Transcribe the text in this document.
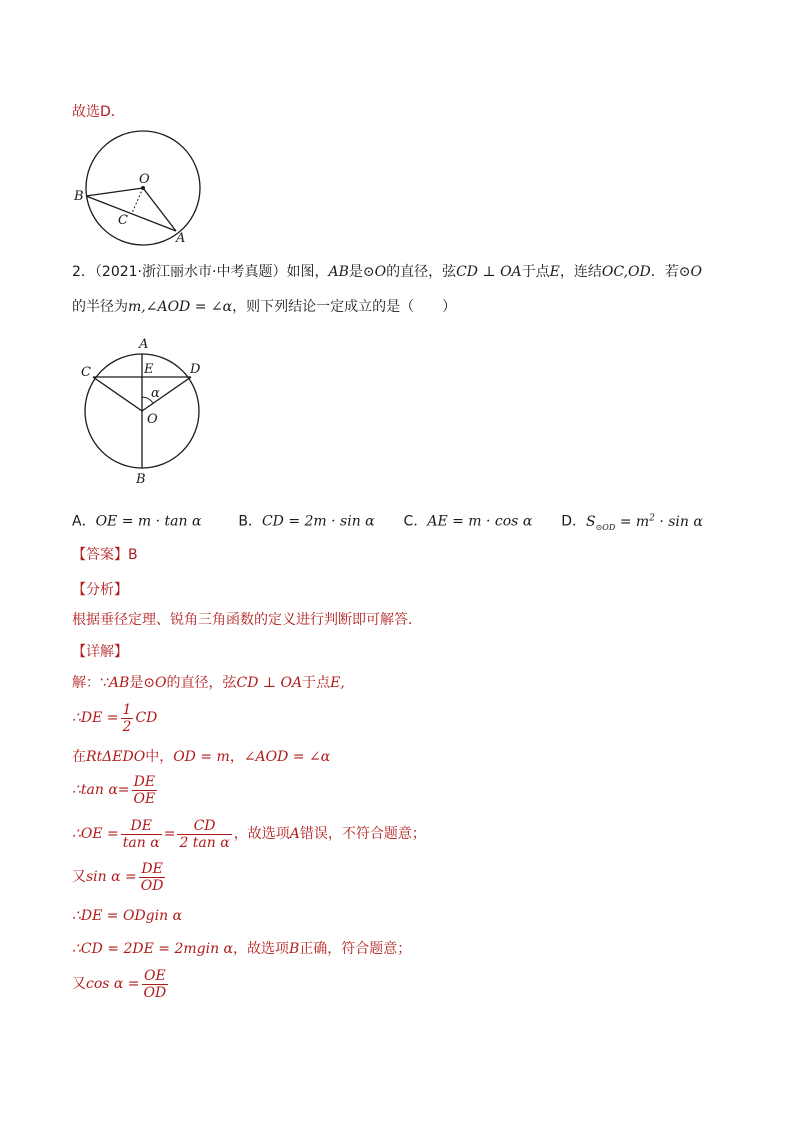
故选D．
O
B
C
A
2．（2021·浙江丽水市·中考真题）如图，AB是⊙O的直径，弦CD ⊥ OA于点E，连结OC,OD．若⊙O
的半径为m,∠AOD = ∠α，则下列结论一定成立的是（　　）
A
C	E	D
α
O
B
A．OE = m · tan α	B．CD = 2m · sin α C．AE = m · cos α D．$S_{⊙OD} = m^2 \cdot \sin \alpha$
【答案】B
【分析】
根据垂径定理、锐角三角函数的定义进行判断即可解答．
【详解】
解：∵AB是⊙O的直径，弦CD ⊥ OA于点E,
∴DE = $\frac{1}{2}$ CD
在RtΔEDO中，OD = m，∠AOD = ∠α
∴tan $\alpha= \frac{DE}{OE}$
∴OE = $\frac{DE}{\text{tan α}} = \frac{CD}{\text{2 tan α}}$ ，故选项A错误，不符合题意；
又$\sin \alpha = \frac{DE}{OD}$
∴DE = ODgin α
∴CD = 2DE = 2mgin α，故选项B正确，符合题意；
又$\cos \alpha = \frac{OE}{OD}$
